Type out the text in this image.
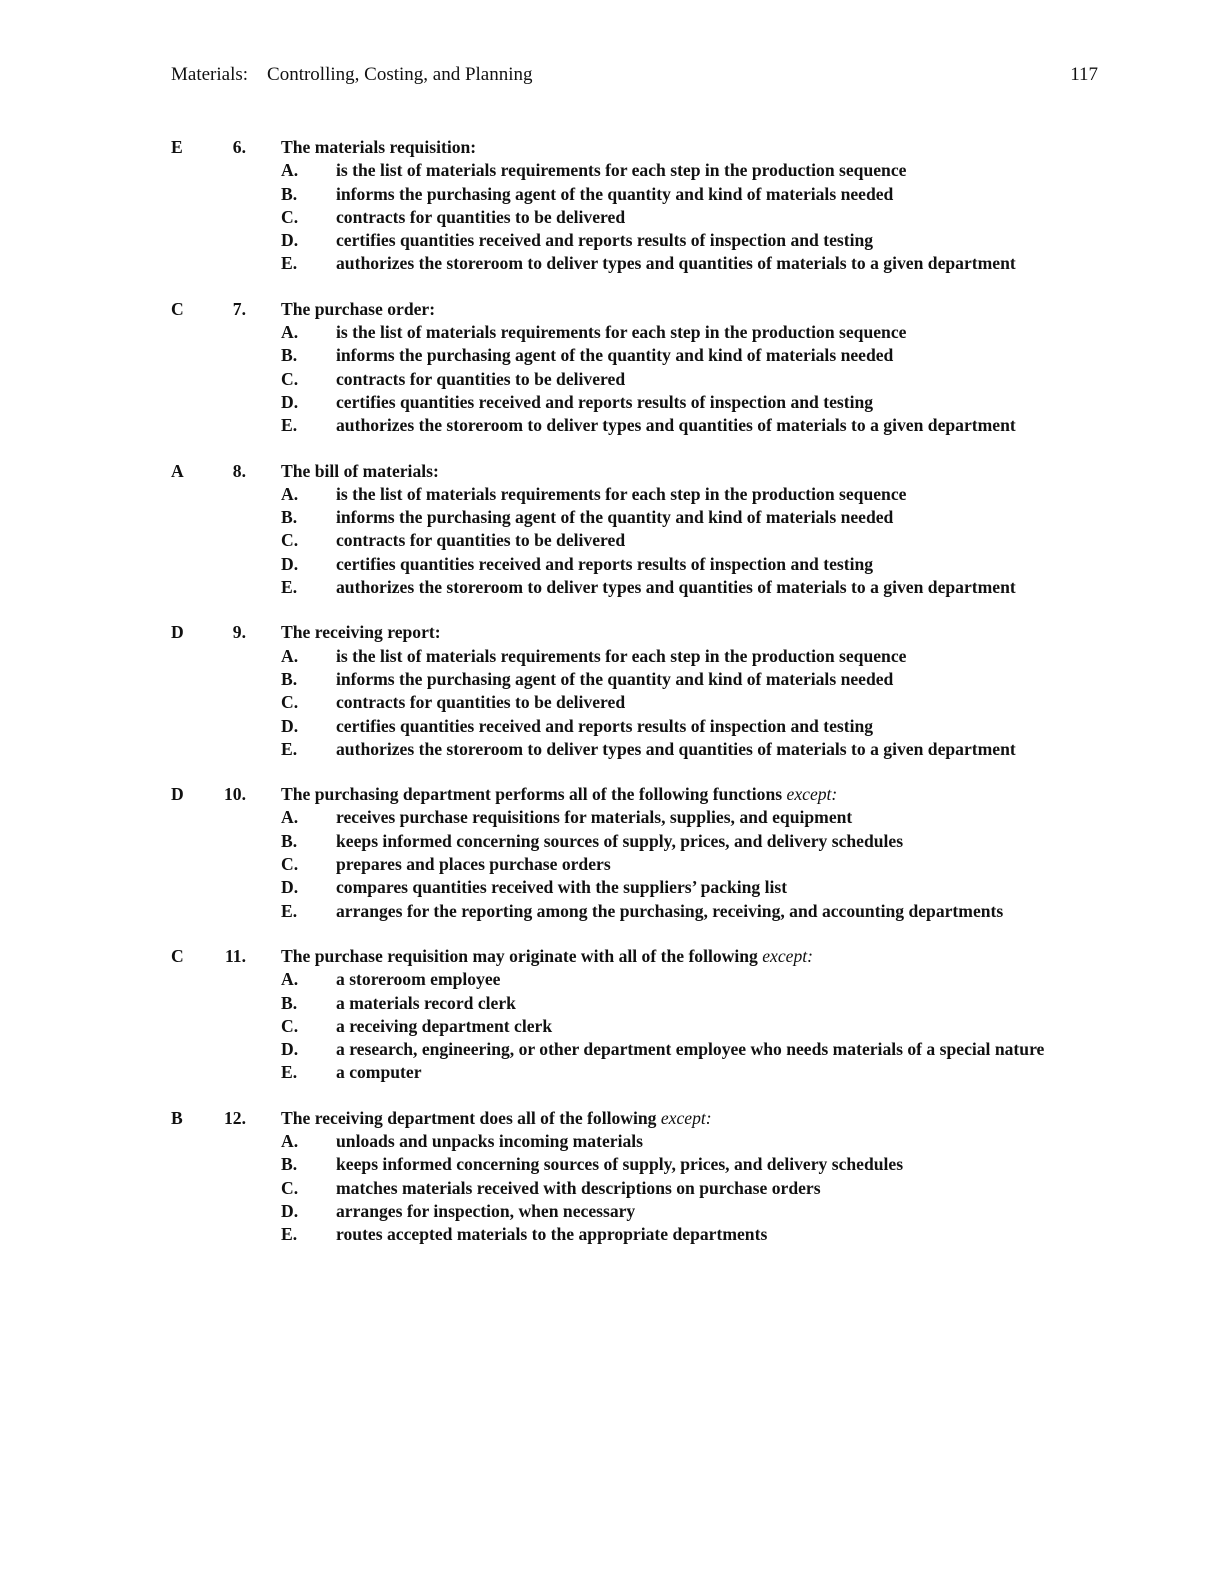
Materials:    Controlling, Costing, and Planning	117
E	6. The materials requisition:
A. is the list of materials requirements for each step in the production sequence
B. informs the purchasing agent of the quantity and kind of materials needed
C. contracts for quantities to be delivered
D. certifies quantities received and reports results of inspection and testing
E. authorizes the storeroom to deliver types and quantities of materials to a given department
C	7. The purchase order:
A. is the list of materials requirements for each step in the production sequence
B. informs the purchasing agent of the quantity and kind of materials needed
C. contracts for quantities to be delivered
D. certifies quantities received and reports results of inspection and testing
E. authorizes the storeroom to deliver types and quantities of materials to a given department
A	8. The bill of materials:
A. is the list of materials requirements for each step in the production sequence
B. informs the purchasing agent of the quantity and kind of materials needed
C. contracts for quantities to be delivered
D. certifies quantities received and reports results of inspection and testing
E. authorizes the storeroom to deliver types and quantities of materials to a given department
D	9. The receiving report:
A. is the list of materials requirements for each step in the production sequence
B. informs the purchasing agent of the quantity and kind of materials needed
C. contracts for quantities to be delivered
D. certifies quantities received and reports results of inspection and testing
E. authorizes the storeroom to deliver types and quantities of materials to a given department
D 10. The purchasing department performs all of the following functions except:
A. receives purchase requisitions for materials, supplies, and equipment
B. keeps informed concerning sources of supply, prices, and delivery schedules
C. prepares and places purchase orders
D. compares quantities received with the suppliers’ packing list
E. arranges for the reporting among the purchasing, receiving, and accounting departments
C	11. The purchase requisition may originate with all of the following except:
A. a storeroom employee
B. a materials record clerk
C. a receiving department clerk
D. a research, engineering, or other department employee who needs materials of a special nature
E. a computer
B 12. The receiving department does all of the following except:
A. unloads and unpacks incoming materials
B. keeps informed concerning sources of supply, prices, and delivery schedules
C. matches materials received with descriptions on purchase orders
D. arranges for inspection, when necessary
E. routes accepted materials to the appropriate departments
